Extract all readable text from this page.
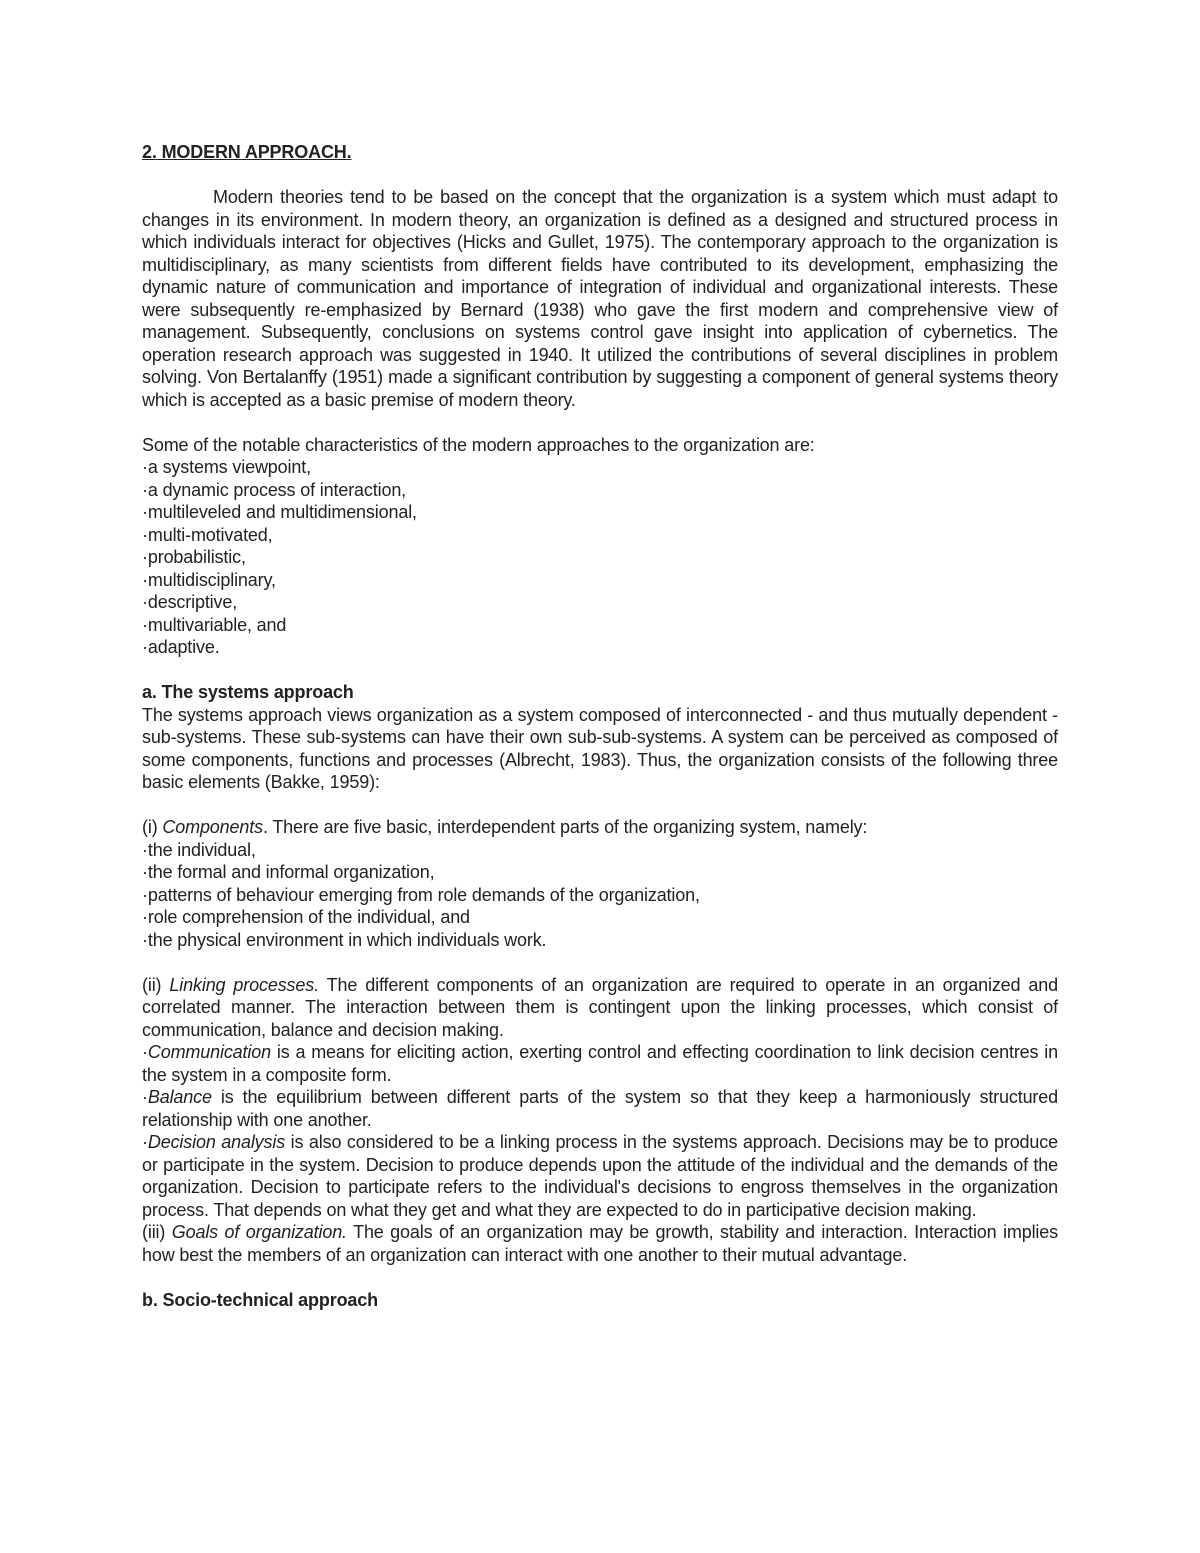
2. MODERN APPROACH.

Modern theories tend to be based on the concept that the organization is a system which must adapt to changes in its environment. In modern theory, an organization is defined as a designed and structured process in which individuals interact for objectives (Hicks and Gullet, 1975). The contemporary approach to the organization is multidisciplinary, as many scientists from different fields have contributed to its development, emphasizing the dynamic nature of communication and importance of integration of individual and organizational interests. These were subsequently re-emphasized by Bernard (1938) who gave the first modern and comprehensive view of management. Subsequently, conclusions on systems control gave insight into application of cybernetics. The operation research approach was suggested in 1940. It utilized the contributions of several disciplines in problem solving. Von Bertalanffy (1951) made a significant contribution by suggesting a component of general systems theory which is accepted as a basic premise of modern theory.

Some of the notable characteristics of the modern approaches to the organization are:

· a systems viewpoint,
· a dynamic process of interaction,
· multileveled and multidimensional,
· multi-motivated,
· probabilistic,
· multidisciplinary,
· descriptive,
· multivariable, and
· adaptive.

a. The systems approach

The systems approach views organization as a system composed of interconnected - and thus mutually dependent - sub-systems. These sub-systems can have their own sub-sub-systems. A system can be perceived as composed of some components, functions and processes (Albrecht, 1983). Thus, the organization consists of the following three basic elements (Bakke, 1959):

(i) Components. There are five basic, interdependent parts of the organizing system, namely:

· the individual,
· the formal and informal organization,
· patterns of behaviour emerging from role demands of the organization,
· role comprehension of the individual, and
· the physical environment in which individuals work.

(ii) Linking processes. The different components of an organization are required to operate in an organized and correlated manner. The interaction between them is contingent upon the linking processes, which consist of communication, balance and decision making.

· Communication is a means for eliciting action, exerting control and effecting coordination to link decision centres in the system in a composite form.

· Balance is the equilibrium between different parts of the system so that they keep a harmoniously structured relationship with one another.

· Decision analysis is also considered to be a linking process in the systems approach. Decisions may be to produce or participate in the system. Decision to produce depends upon the attitude of the individual and the demands of the organization. Decision to participate refers to the individual's decisions to engross themselves in the organization process. That depends on what they get and what they are expected to do in participative decision making.

(iii) Goals of organization. The goals of an organization may be growth, stability and interaction. Interaction implies how best the members of an organization can interact with one another to their mutual advantage.

b. Socio-technical approach
